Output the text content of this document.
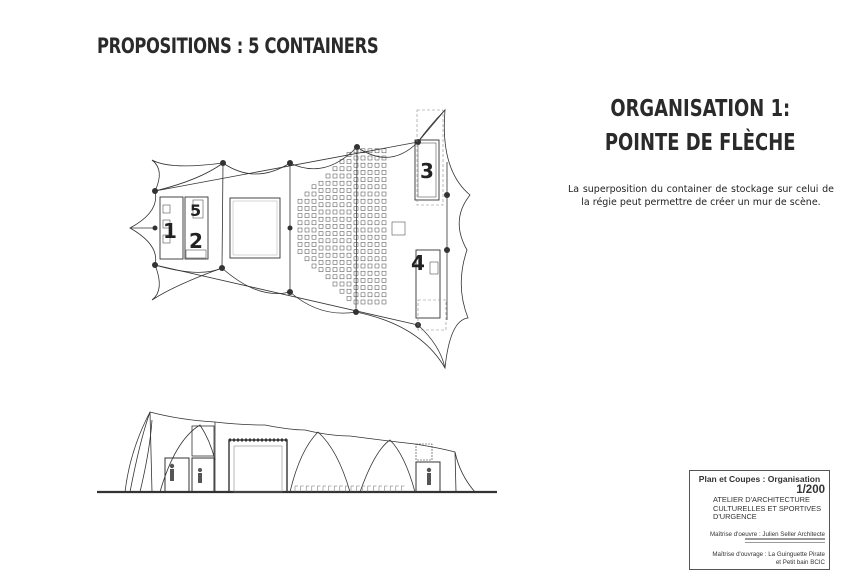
PROPOSITIONS : 5 CONTAINERS
ORGANISATION 1:
POINTE DE FLÈCHE
La superposition du container de stockage sur celui de la régie peut permettre de créer un mur de scène.
1 2
3
4
5
Plan et Coupes : Organisation
1/200
ATELIER D'ARCHITECTURE CULTURELLES ET SPORTIVES D'URGENCE
Maîtrise d'oeuvre : Julien Seller Architecte
Maîtrise d'ouvrage : La Guinguette Pirate
et Petit bain BCIC
